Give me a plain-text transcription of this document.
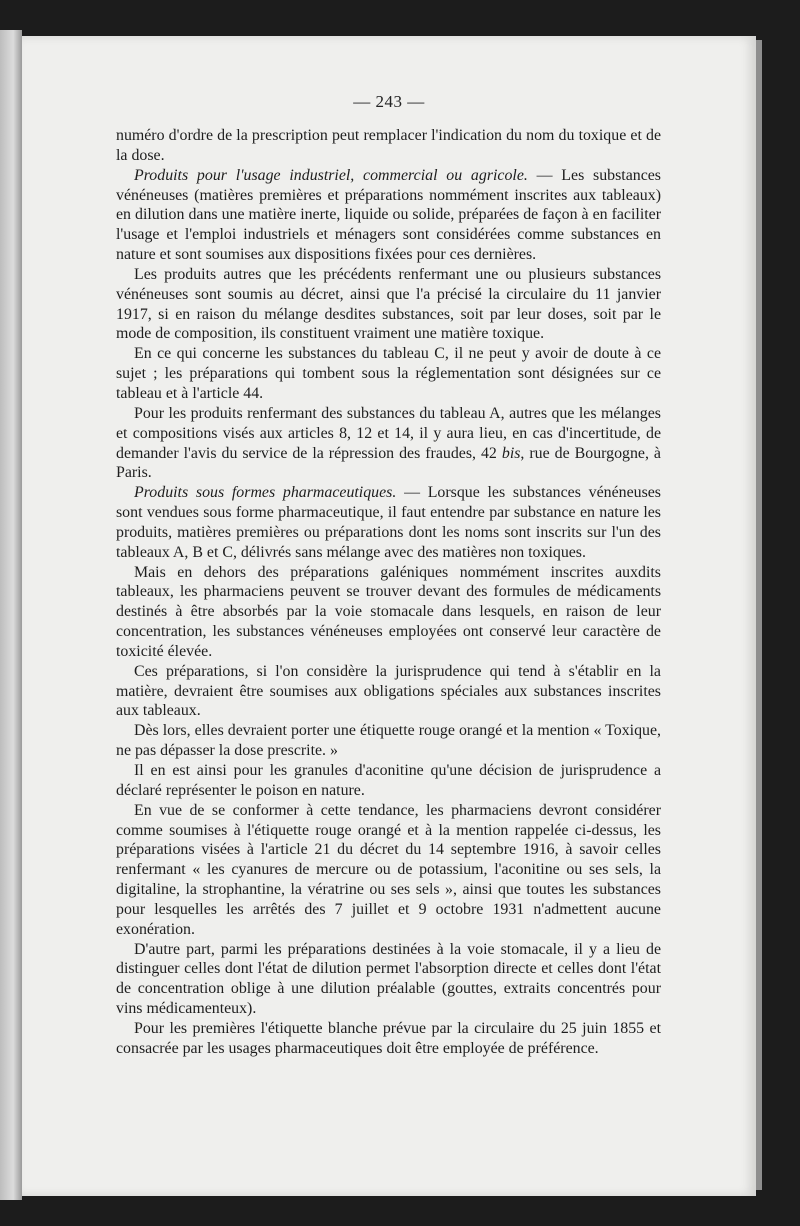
— 243 —

numéro d'ordre de la prescription peut remplacer l'indication du nom du toxique et de la dose.

Produits pour l'usage industriel, commercial ou agricole. — Les substances vénéneuses (matières premières et préparations nommément inscrites aux tableaux) en dilution dans une matière inerte, liquide ou solide, préparées de façon à en faciliter l'usage et l'emploi industriels et ménagers sont considérées comme substances en nature et sont soumises aux dispositions fixées pour ces dernières.

Les produits autres que les précédents renfermant une ou plusieurs substances vénéneuses sont soumis au décret, ainsi que l'a précisé la circulaire du 11 janvier 1917, si en raison du mélange desdites substances, soit par leur doses, soit par le mode de composition, ils constituent vraiment une matière toxique.

En ce qui concerne les substances du tableau C, il ne peut y avoir de doute à ce sujet ; les préparations qui tombent sous la réglementation sont désignées sur ce tableau et à l'article 44.

Pour les produits renfermant des substances du tableau A, autres que les mélanges et compositions visés aux articles 8, 12 et 14, il y aura lieu, en cas d'incertitude, de demander l'avis du service de la répression des fraudes, 42 bis, rue de Bourgogne, à Paris.

Produits sous formes pharmaceutiques. — Lorsque les substances vénéneuses sont vendues sous forme pharmaceutique, il faut entendre par substance en nature les produits, matières premières ou préparations dont les noms sont inscrits sur l'un des tableaux A, B et C, délivrés sans mélange avec des matières non toxiques.

Mais en dehors des préparations galéniques nommément inscrites auxdits tableaux, les pharmaciens peuvent se trouver devant des formules de médicaments destinés à être absorbés par la voie stomacale dans lesquels, en raison de leur concentration, les substances vénéneuses employées ont conservé leur caractère de toxicité élevée.

Ces préparations, si l'on considère la jurisprudence qui tend à s'établir en la matière, devraient être soumises aux obligations spéciales aux substances inscrites aux tableaux.

Dès lors, elles devraient porter une étiquette rouge orangé et la mention « Toxique, ne pas dépasser la dose prescrite. »

Il en est ainsi pour les granules d'aconitine qu'une décision de jurisprudence a déclaré représenter le poison en nature.

En vue de se conformer à cette tendance, les pharmaciens devront considérer comme soumises à l'étiquette rouge orangé et à la mention rappelée ci-dessus, les préparations visées à l'article 21 du décret du 14 septembre 1916, à savoir celles renfermant « les cyanures de mercure ou de potassium, l'aconitine ou ses sels, la digitaline, la strophantine, la vératrine ou ses sels », ainsi que toutes les substances pour lesquelles les arrêtés des 7 juillet et 9 octobre 1931 n'admettent aucune exonération.

D'autre part, parmi les préparations destinées à la voie stomacale, il y a lieu de distinguer celles dont l'état de dilution permet l'absorption directe et celles dont l'état de concentration oblige à une dilution préalable (gouttes, extraits concentrés pour vins médicamenteux).

Pour les premières l'étiquette blanche prévue par la circulaire du 25 juin 1855 et consacrée par les usages pharmaceutiques doit être employée de préférence.
